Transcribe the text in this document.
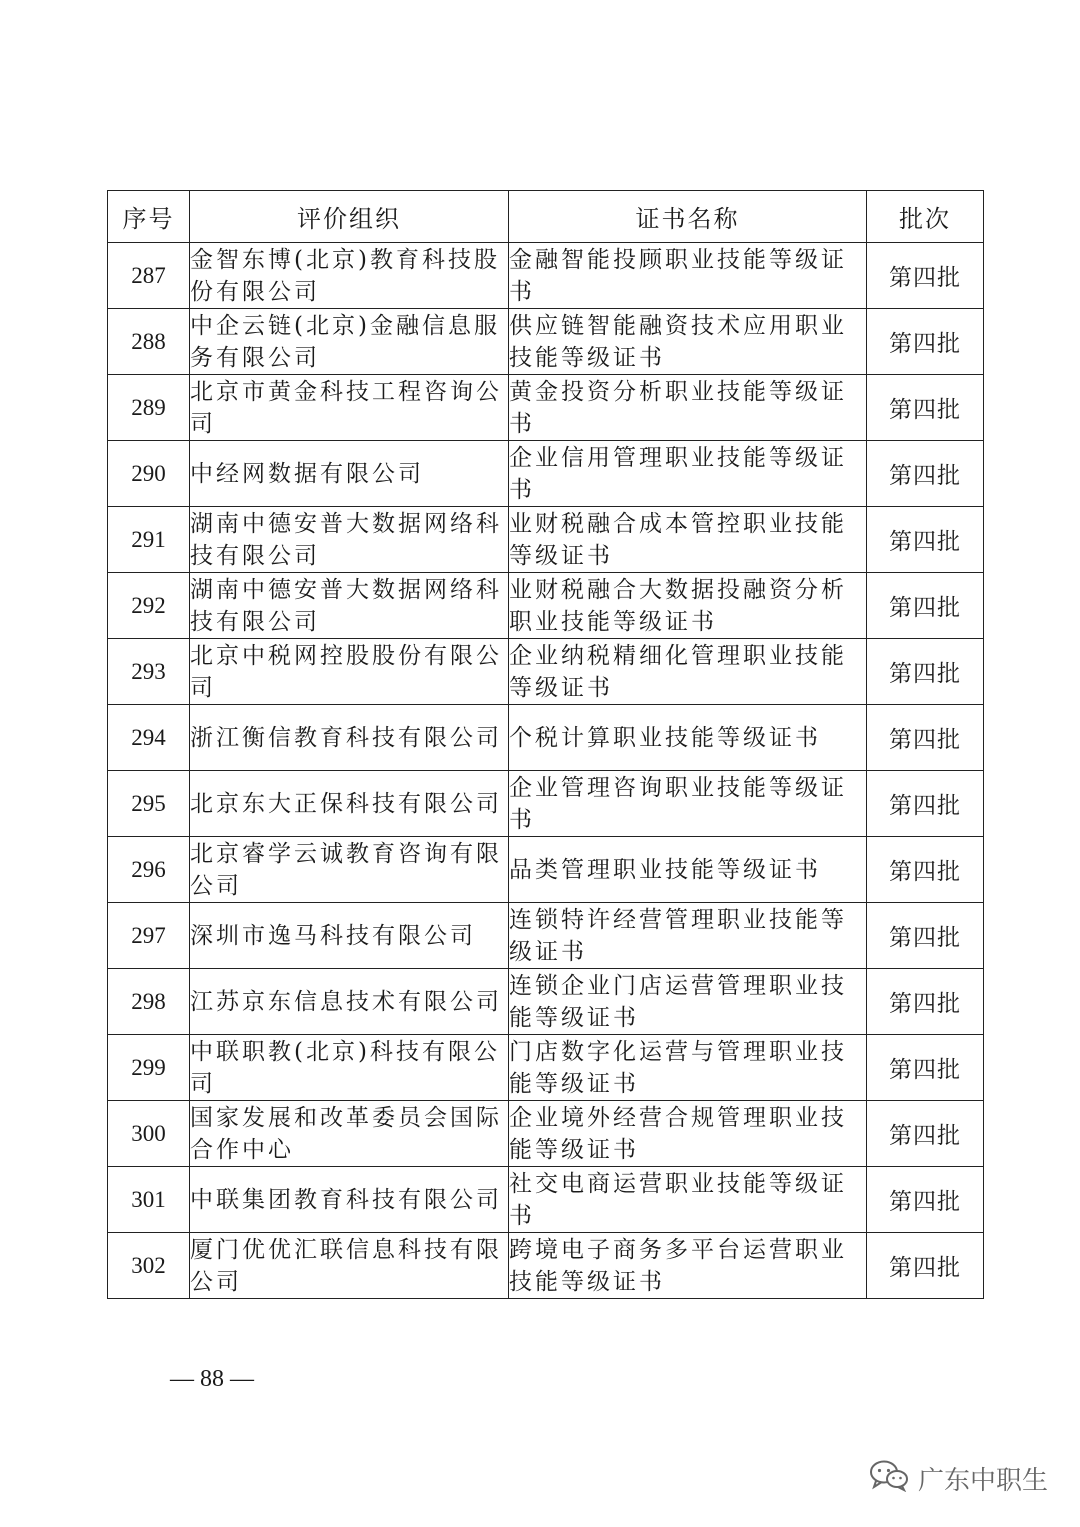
序号	评价组织	证书名称	批次
287	金智东博(北京)教育科技股份有限公司	金融智能投顾职业技能等级证书	第四批
288	中企云链(北京)金融信息服务有限公司	供应链智能融资技术应用职业技能等级证书	第四批
289	北京市黄金科技工程咨询公司	黄金投资分析职业技能等级证书	第四批
290	中经网数据有限公司	企业信用管理职业技能等级证书	第四批
291	湖南中德安普大数据网络科技有限公司	业财税融合成本管控职业技能等级证书	第四批
292	湖南中德安普大数据网络科技有限公司	业财税融合大数据投融资分析职业技能等级证书	第四批
293	北京中税网控股股份有限公司	企业纳税精细化管理职业技能等级证书	第四批
294	浙江衡信教育科技有限公司	个税计算职业技能等级证书	第四批
295	北京东大正保科技有限公司	企业管理咨询职业技能等级证书	第四批
296	北京睿学云诚教育咨询有限公司	品类管理职业技能等级证书	第四批
297	深圳市逸马科技有限公司	连锁特许经营管理职业技能等级证书	第四批
298	江苏京东信息技术有限公司	连锁企业门店运营管理职业技能等级证书	第四批
299	中联职教(北京)科技有限公司	门店数字化运营与管理职业技能等级证书	第四批
300	国家发展和改革委员会国际合作中心	企业境外经营合规管理职业技能等级证书	第四批
301	中联集团教育科技有限公司	社交电商运营职业技能等级证书	第四批
302	厦门优优汇联信息科技有限公司	跨境电子商务多平台运营职业技能等级证书	第四批
— 88 —
广东中职生
